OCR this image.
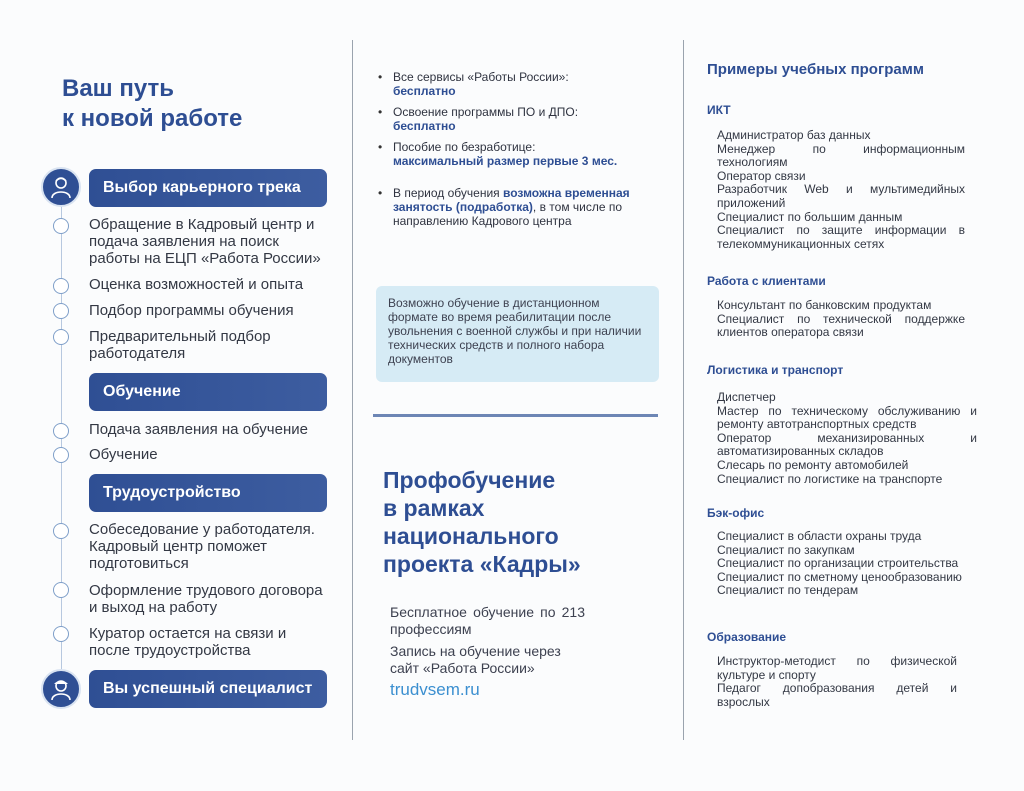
Ваш путь
к новой работе
Выбор карьерного трека
Обращение в Кадровый центр и подача заявления на поиск работы на ЕЦП «Работа России»
Оценка возможностей и опыта
Подбор программы обучения
Предварительный подбор работодателя
Обучение
Подача заявления на обучение
Обучение
Трудоустройство
Собеседование у работодателя. Кадровый центр поможет подготовиться
Оформление трудового договора и выход на работу
Куратор остается на связи и после трудоустройства
Вы успешный специалист
• Все сервисы «Работы России»:
бесплатно
• Освоение программы ПО и ДПО:
бесплатно
• Пособие по безработице:
максимальный размер первые 3 мес.
• В период обучения возможна временная занятость (подработка), в том числе по направлению Кадрового центра
Возможно обучение в дистанционном формате во время реабилитации после увольнения с военной службы и при наличии технических средств и полного набора документов
Профобучение
в рамках
национального
проекта «Кадры»
Бесплатное обучение по 213 профессиям
Запись на обучение через сайт «Работа России»
trudvsem.ru
Примеры учебных программ
ИКТ
Администратор баз данных
Менеджер по информационным технологиям
Оператор связи
Разработчик Web и мультимедийных приложений
Специалист по большим данным
Специалист по защите информации в телекоммуникационных сетях
Работа с клиентами
Консультант по банковским продуктам
Специалист по технической поддержке клиентов оператора связи
Логистика и транспорт
Диспетчер
Мастер по техническому обслуживанию и ремонту автотранспортных средств
Оператор механизированных и автоматизированных складов
Слесарь по ремонту автомобилей
Специалист по логистике на транспорте
Бэк-офис
Специалист в области охраны труда
Специалист по закупкам
Специалист по организации строительства
Специалист по сметному ценообразованию
Специалист по тендерам
Образование
Инструктор-методист по физической культуре и спорту
Педагог допобразования детей и взрослых
